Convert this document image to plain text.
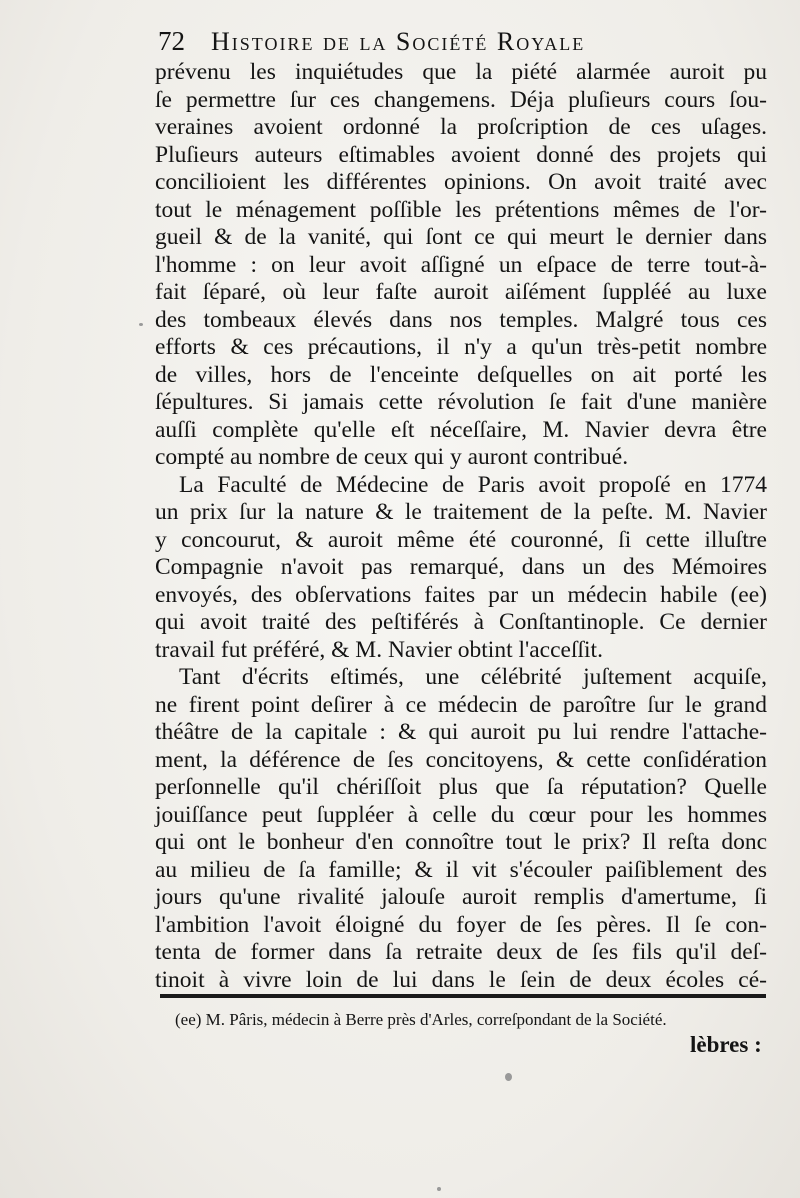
72 Histoire de la Société Royale
prévenu les inquiétudes que la piété alarmée auroit pu
ſe permettre ſur ces changemens. Déja pluſieurs cours ſou-
veraines avoient ordonné la proſcription de ces uſages.
Pluſieurs auteurs eſtimables avoient donné des projets qui
concilioient les différentes opinions. On avoit traité avec
tout le ménagement poſſible les prétentions mêmes de l'or-
gueil & de la vanité, qui ſont ce qui meurt le dernier dans
l'homme : on leur avoit aſſigné un eſpace de terre tout-à-
fait ſéparé, où leur faſte auroit aiſément ſuppléé au luxe
des tombeaux élevés dans nos temples. Malgré tous ces
efforts & ces précautions, il n'y a qu'un très-petit nombre
de villes, hors de l'enceinte deſquelles on ait porté les
ſépultures. Si jamais cette révolution ſe fait d'une manière
auſſi complète qu'elle eſt néceſſaire, M. Navier devra être
compté au nombre de ceux qui y auront contribué.
La Faculté de Médecine de Paris avoit propoſé en 1774
un prix ſur la nature & le traitement de la peſte. M. Navier
y concourut, & auroit même été couronné, ſi cette illuſtre
Compagnie n'avoit pas remarqué, dans un des Mémoires
envoyés, des obſervations faites par un médecin habile (ee)
qui avoit traité des peſtiférés à Conſtantinople. Ce dernier
travail fut préféré, & M. Navier obtint l'acceſſit.
Tant d'écrits eſtimés, une célébrité juſtement acquiſe,
ne firent point deſirer à ce médecin de paroître ſur le grand
théâtre de la capitale : & qui auroit pu lui rendre l'attache-
ment, la déférence de ſes concitoyens, & cette conſidération
perſonnelle qu'il chériſſoit plus que ſa réputation? Quelle
jouiſſance peut ſuppléer à celle du cœur pour les hommes
qui ont le bonheur d'en connoître tout le prix? Il reſta donc
au milieu de ſa famille; & il vit s'écouler paiſiblement des
jours qu'une rivalité jalouſe auroit remplis d'amertume, ſi
l'ambition l'avoit éloigné du foyer de ſes pères. Il ſe con-
tenta de former dans ſa retraite deux de ſes fils qu'il deſ-
tinoit à vivre loin de lui dans le ſein de deux écoles cé-
(ee) M. Pâris, médecin à Berre près d'Arles, correſpondant de la Société.
lèbres :
